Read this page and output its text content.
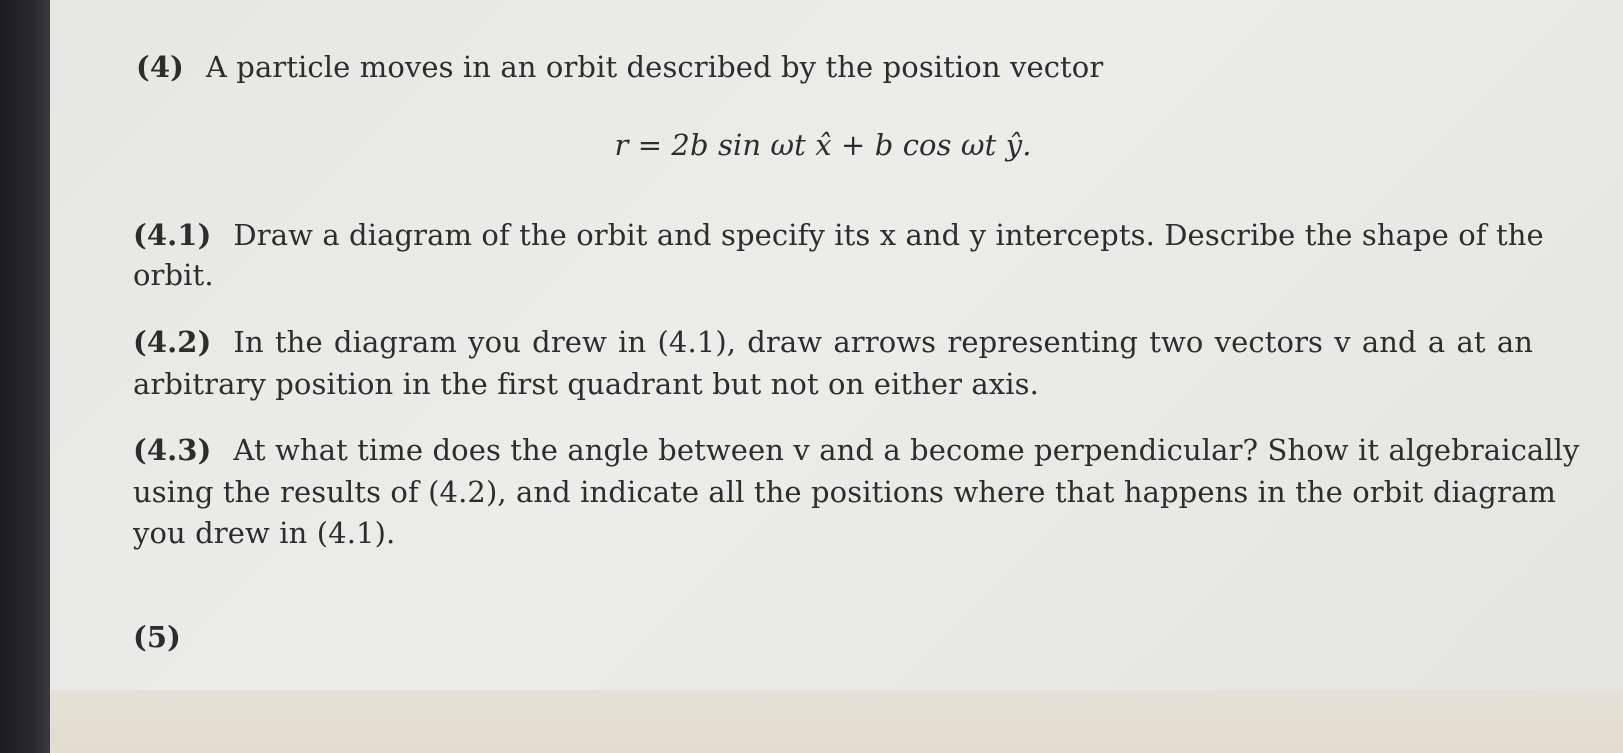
(4) A particle moves in an orbit described by the position vector
r = 2b sin ωt x̂ + b cos ωt ŷ.
(4.1) Draw a diagram of the orbit and specify its x and y intercepts. Describe the shape of the
orbit.
(4.2) In the diagram you drew in (4.1), draw arrows representing two vectors v and a at an
arbitrary position in the first quadrant but not on either axis.
(4.3) At what time does the angle between v and a become perpendicular? Show it algebraically
using the results of (4.2), and indicate all the positions where that happens in the orbit diagram
you drew in (4.1).
(5)
